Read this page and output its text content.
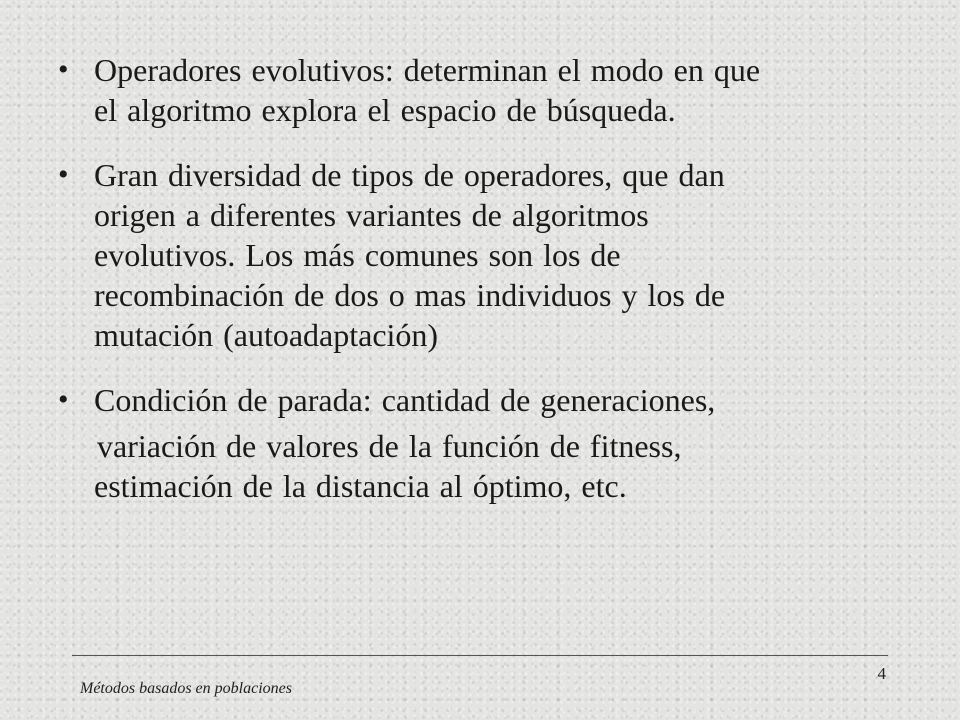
• Operadores evolutivos: determinan el modo en que
el algoritmo explora el espacio de búsqueda.
• Gran diversidad de tipos de operadores, que dan
origen a diferentes variantes de algoritmos
evolutivos. Los más comunes son los de
recombinación de dos o mas individuos y los de
mutación (autoadaptación)
• Condición de parada: cantidad de generaciones,
variación de valores de la función de fitness,
estimación de la distancia al óptimo, etc.
4
Métodos basados en poblaciones
